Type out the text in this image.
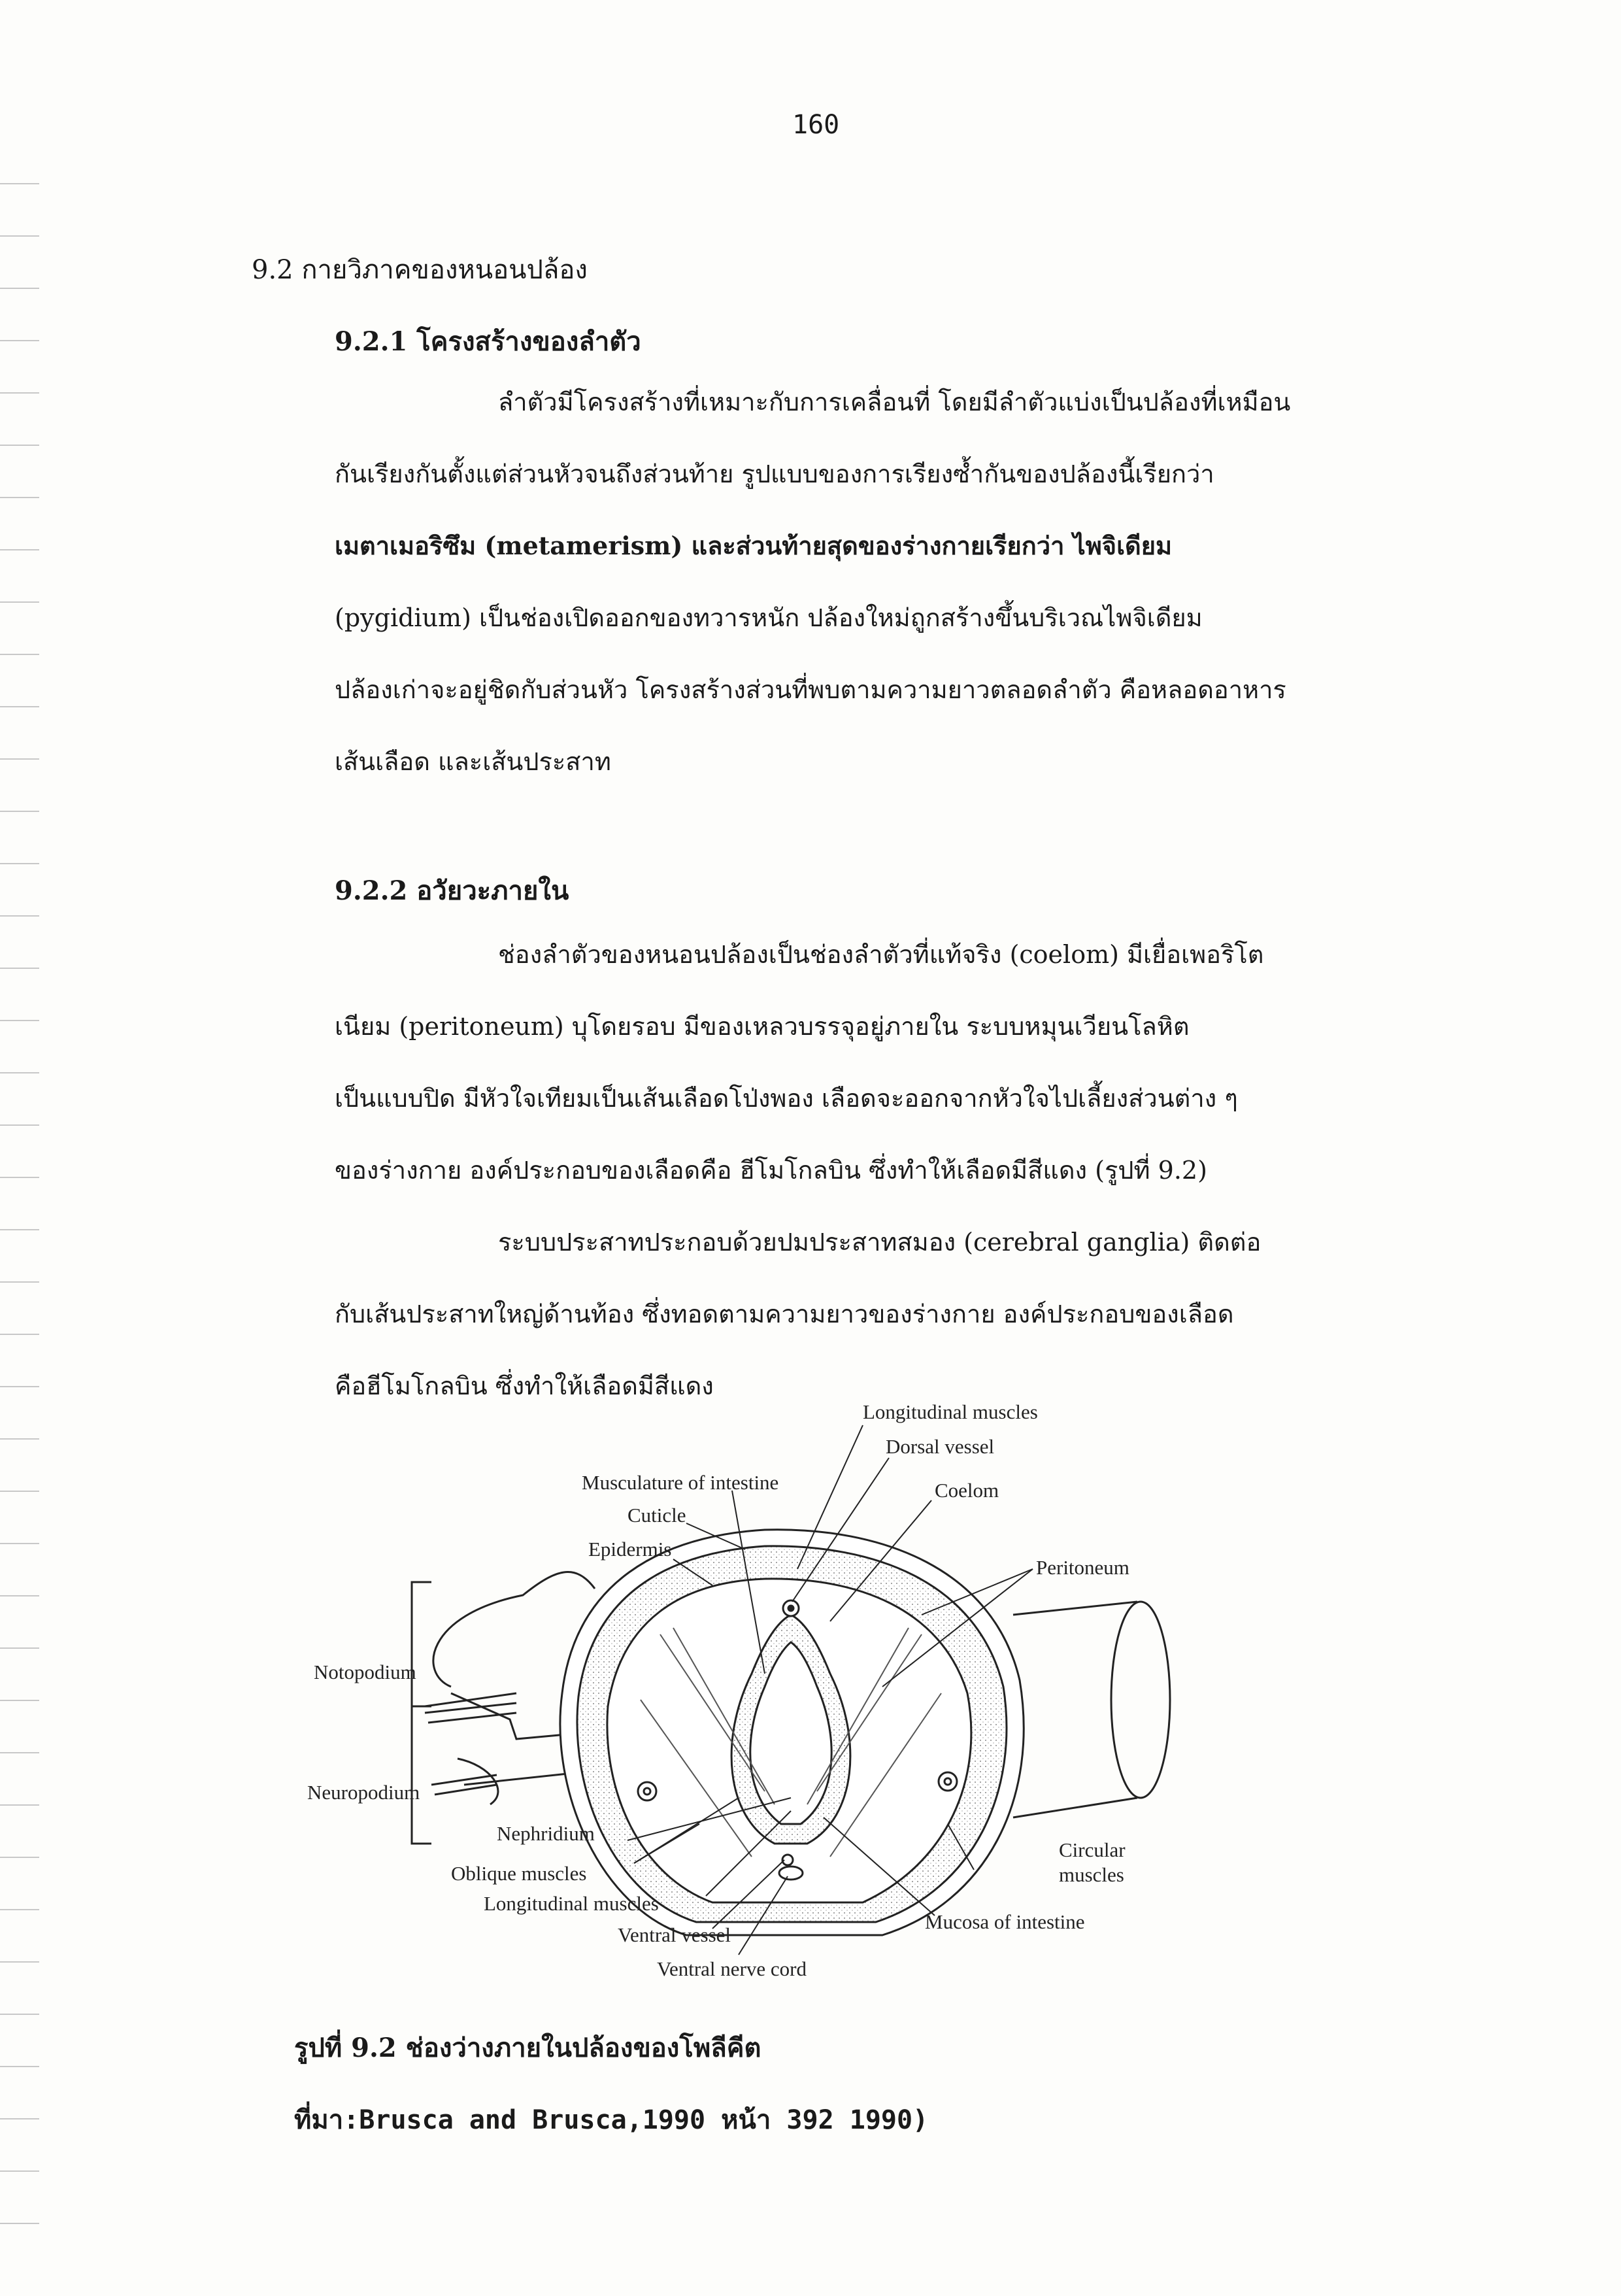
160
9.2 กายวิภาคของหนอนปล้อง
9.2.1 โครงสร้างของลำตัว

ลำตัวมีโครงสร้างที่เหมาะกับการเคลื่อนที่ โดยมีลำตัวแบ่งเป็นปล้องที่เหมือน

กันเรียงกันตั้งแต่ส่วนหัวจนถึงส่วนท้าย รูปแบบของการเรียงซ้ำกันของปล้องนี้เรียกว่า

เมตาเมอริซึม (metamerism) และส่วนท้ายสุดของร่างกายเรียกว่า ไพจิเดียม

(pygidium) เป็นช่องเปิดออกของทวารหนัก ปล้องใหม่ถูกสร้างขึ้นบริเวณไพจิเดียม

ปล้องเก่าจะอยู่ชิดกับส่วนหัว โครงสร้างส่วนที่พบตามความยาวตลอดลำตัว คือหลอดอาหาร

เส้นเลือด และเส้นประสาท

9.2.2 อวัยวะภายใน

ช่องลำตัวของหนอนปล้องเป็นช่องลำตัวที่แท้จริง (coelom) มีเยื่อเพอริโต

เนียม (peritoneum) บุโดยรอบ มีของเหลวบรรจุอยู่ภายใน ระบบหมุนเวียนโลหิต

เป็นแบบปิด มีหัวใจเทียมเป็นเส้นเลือดโป่งพอง เลือดจะออกจากหัวใจไปเลี้ยงส่วนต่าง ๆ

ของร่างกาย องค์ประกอบของเลือดคือ ฮีโมโกลบิน ซึ่งทำให้เลือดมีสีแดง (รูปที่ 9.2)

ระบบประสาทประกอบด้วยปมประสาทสมอง (cerebral ganglia) ติดต่อ

กับเส้นประสาทใหญ่ด้านท้อง ซึ่งทอดตามความยาวของร่างกาย องค์ประกอบของเลือด

คือฮีโมโกลบิน ซึ่งทำให้เลือดมีสีแดง

Longitudinal muscles
Dorsal vessel
Musculature of intestine	Coelom
Cuticle
Epidermis
Peritoneum
Notopodium
Neuropodium
Nephridium
Oblique muscles
Longitudinal muscles
Ventral vessel
Ventral nerve cord
Circular
muscles
Mucosa of intestine
รูปที่ 9.2 ช่องว่างภายในปล้องของโพลีคีต
ที่มา:Brusca and Brusca,1990 หน้า 392 1990)
